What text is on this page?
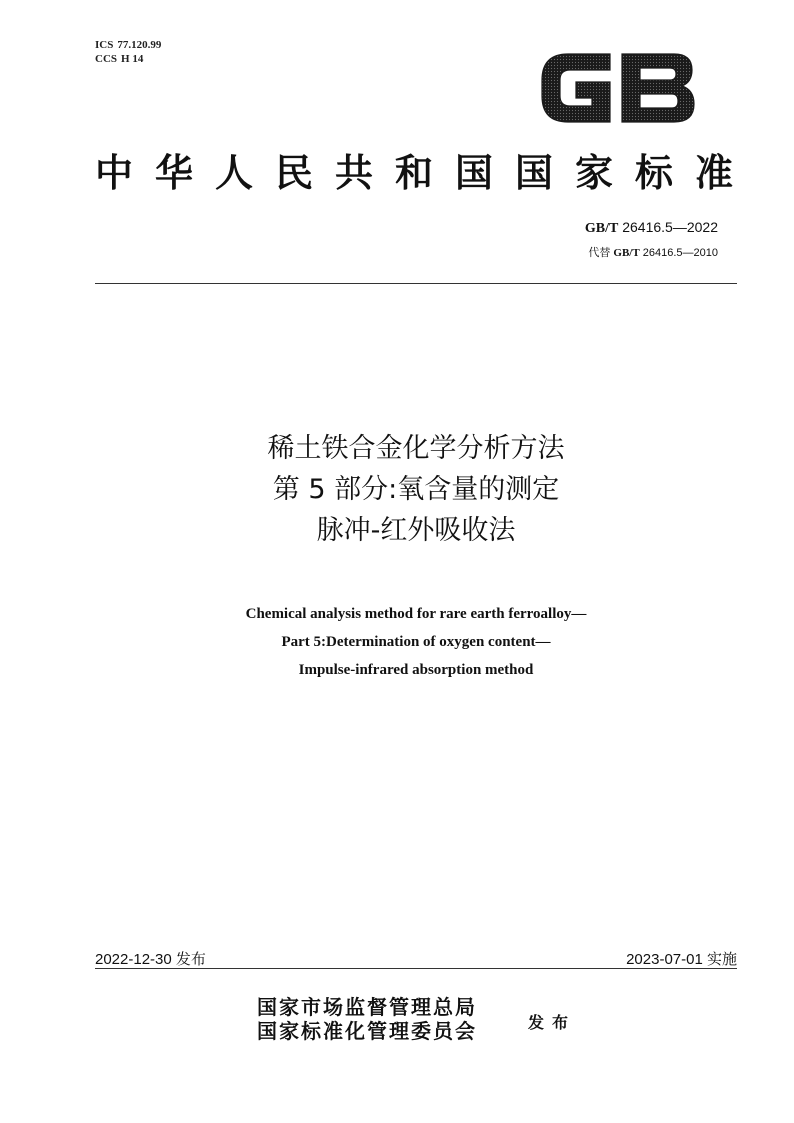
ICS 77.120.99
CCS H 14
中华人民共和国国家标准
GB/T 26416.5—2022
代替 GB/T 26416.5—2010
稀土铁合金化学分析方法
第 5 部分:氧含量的测定
脉冲-红外吸收法
Chemical analysis method for rare earth ferroalloy—
Part 5:Determination of oxygen content—
Impulse-infrared absorption method
2022-12-30 发布	2023-07-01 实施
国家市场监督管理总局
国家标准化管理委员会	发布
